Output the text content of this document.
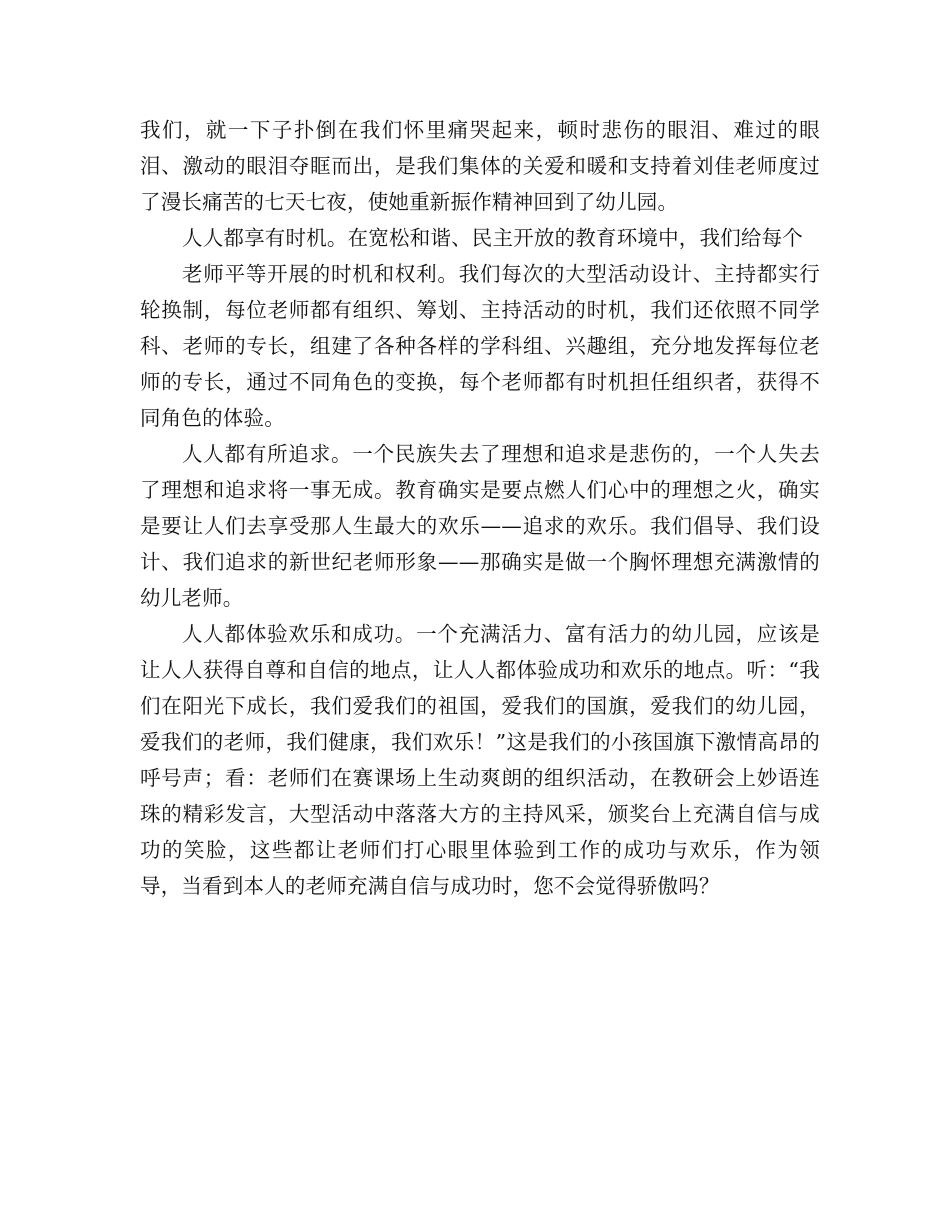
我们，就一下子扑倒在我们怀里痛哭起来，顿时悲伤的眼泪、难过的眼泪、激动的眼泪夺眶而出，是我们集体的关爱和暖和支持着刘佳老师度过了漫长痛苦的七天七夜，使她重新振作精神回到了幼儿园。

人人都享有时机。在宽松和谐、民主开放的教育环境中，我们给每个

老师平等开展的时机和权利。我们每次的大型活动设计、主持都实行轮换制，每位老师都有组织、筹划、主持活动的时机，我们还依照不同学科、老师的专长，组建了各种各样的学科组、兴趣组，充分地发挥每位老师的专长，通过不同角色的变换，每个老师都有时机担任组织者，获得不同角色的体验。

人人都有所追求。一个民族失去了理想和追求是悲伤的，一个人失去了理想和追求将一事无成。教育确实是要点燃人们心中的理想之火，确实是要让人们去享受那人生最大的欢乐——追求的欢乐。我们倡导、我们设计、我们追求的新世纪老师形象——那确实是做一个胸怀理想充满激情的幼儿老师。

人人都体验欢乐和成功。一个充满活力、富有活力的幼儿园，应该是让人人获得自尊和自信的地点，让人人都体验成功和欢乐的地点。听：“我们在阳光下成长，我们爱我们的祖国，爱我们的国旗，爱我们的幼儿园，爱我们的老师，我们健康，我们欢乐！”这是我们的小孩国旗下激情高昂的呼号声；看：老师们在赛课场上生动爽朗的组织活动，在教研会上妙语连珠的精彩发言，大型活动中落落大方的主持风采，颁奖台上充满自信与成功的笑脸，这些都让老师们打心眼里体验到工作的成功与欢乐，作为领导，当看到本人的老师充满自信与成功时，您不会觉得骄傲吗？
